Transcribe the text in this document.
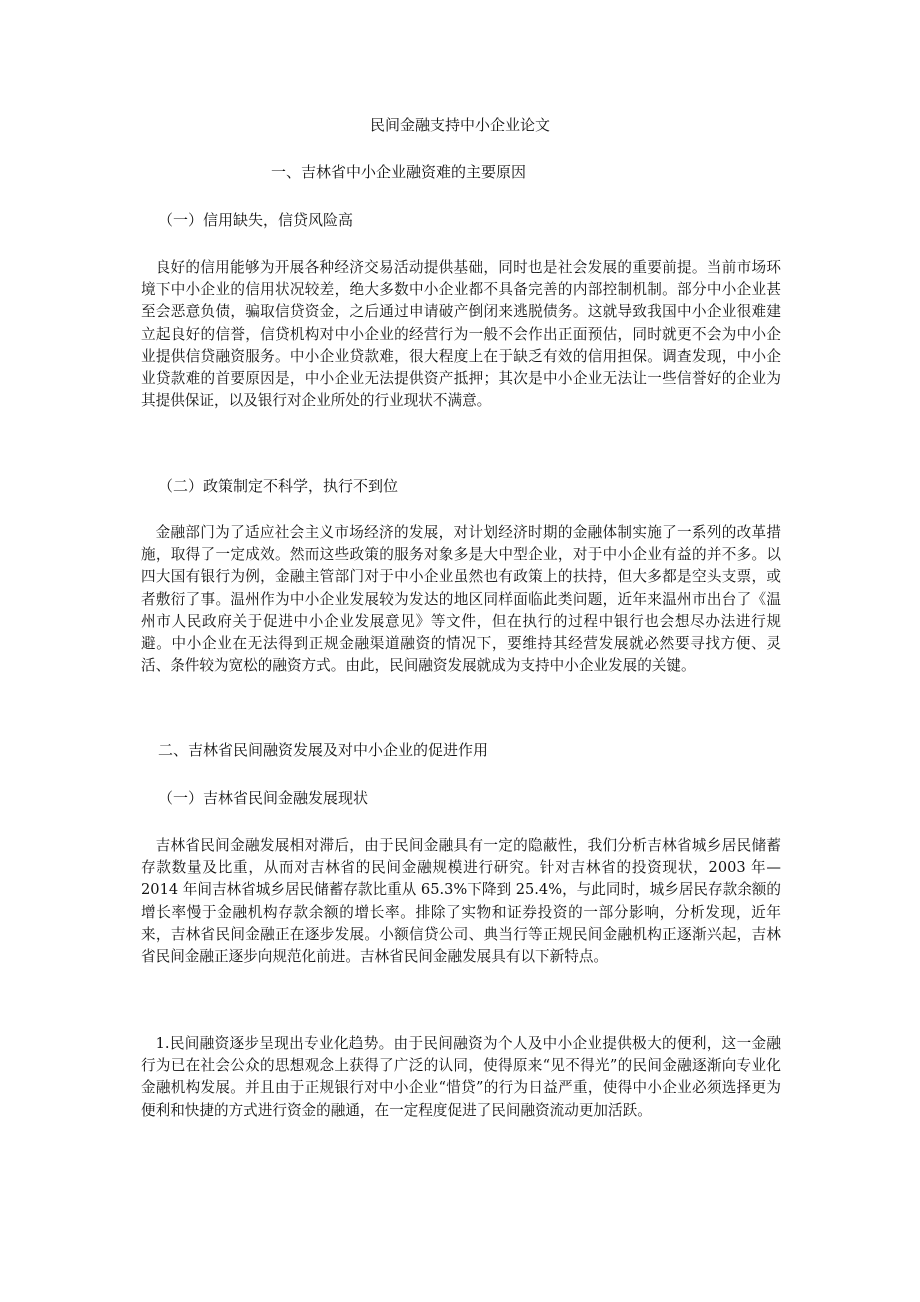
民间金融支持中小企业论文
一、吉林省中小企业融资难的主要原因
（一）信用缺失，信贷风险高

良好的信用能够为开展各种经济交易活动提供基础，同时也是社会发展的重要前提。当前市场环境下中小企业的信用状况较差，绝大多数中小企业都不具备完善的内部控制机制。部分中小企业甚至会恶意负债，骗取信贷资金，之后通过申请破产倒闭来逃脱债务。这就导致我国中小企业很难建立起良好的信誉，信贷机构对中小企业的经营行为一般不会作出正面预估，同时就更不会为中小企业提供信贷融资服务。中小企业贷款难，很大程度上在于缺乏有效的信用担保。调查发现，中小企业贷款难的首要原因是，中小企业无法提供资产抵押；其次是中小企业无法让一些信誉好的企业为其提供保证，以及银行对企业所处的行业现状不满意。

（二）政策制定不科学，执行不到位

金融部门为了适应社会主义市场经济的发展，对计划经济时期的金融体制实施了一系列的改革措施，取得了一定成效。然而这些政策的服务对象多是大中型企业，对于中小企业有益的并不多。以四大国有银行为例，金融主管部门对于中小企业虽然也有政策上的扶持，但大多都是空头支票，或者敷衍了事。温州作为中小企业发展较为发达的地区同样面临此类问题，近年来温州市出台了《温州市人民政府关于促进中小企业发展意见》等文件，但在执行的过程中银行也会想尽办法进行规避。中小企业在无法得到正规金融渠道融资的情况下，要维持其经营发展就必然要寻找方便、灵活、条件较为宽松的融资方式。由此，民间融资发展就成为支持中小企业发展的关键。

二、吉林省民间融资发展及对中小企业的促进作用
（一）吉林省民间金融发展现状

吉林省民间金融发展相对滞后，由于民间金融具有一定的隐蔽性，我们分析吉林省城乡居民储蓄存款数量及比重，从而对吉林省的民间金融规模进行研究。针对吉林省的投资现状，2003 年—2014 年间吉林省城乡居民储蓄存款比重从 65.3%下降到 25.4%，与此同时，城乡居民存款余额的增长率慢于金融机构存款余额的增长率。排除了实物和证券投资的一部分影响，分析发现，近年来，吉林省民间金融正在逐步发展。小额信贷公司、典当行等正规民间金融机构正逐渐兴起，吉林省民间金融正逐步向规范化前进。吉林省民间金融发展具有以下新特点。

1.民间融资逐步呈现出专业化趋势。由于民间融资为个人及中小企业提供极大的便利，这一金融行为已在社会公众的思想观念上获得了广泛的认同，使得原来“见不得光”的民间金融逐渐向专业化金融机构发展。并且由于正规银行对中小企业“惜贷”的行为日益严重，使得中小企业必须选择更为便利和快捷的方式进行资金的融通，在一定程度促进了民间融资流动更加活跃。
